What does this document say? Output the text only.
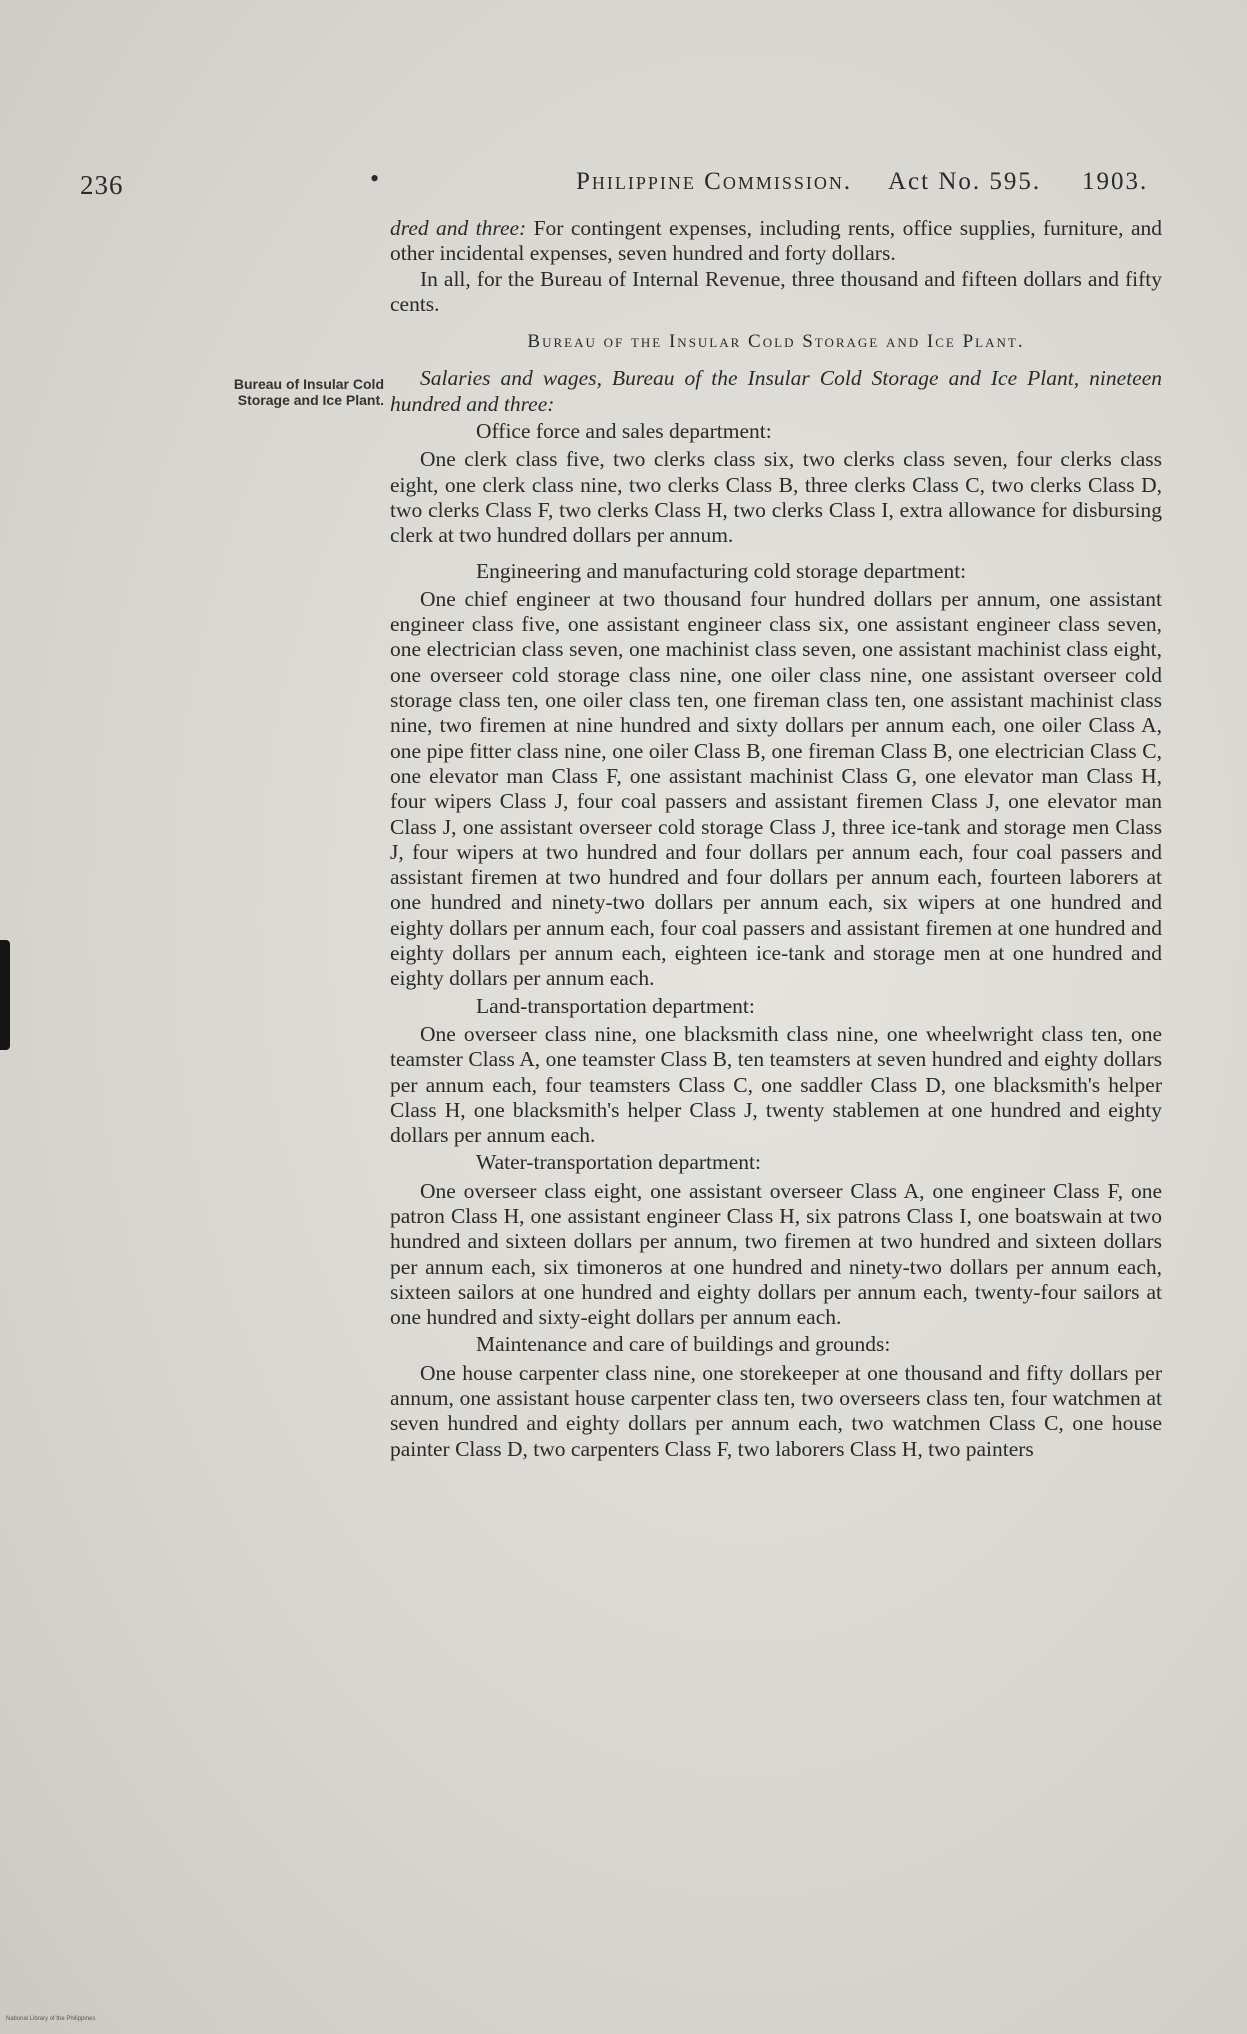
236	•	Philippine Commission. Act No. 595. 1903.
Bureau of Insular Cold Storage and Ice Plant.

dred and three: For contingent expenses, including rents, office supplies, furniture, and other incidental expenses, seven hundred and forty dollars.

In all, for the Bureau of Internal Revenue, three thousand and fifteen dollars and fifty cents.

Bureau of the Insular Cold Storage and Ice Plant.

Salaries and wages, Bureau of the Insular Cold Storage and Ice Plant, nineteen hundred and three:

Office force and sales department:

One clerk class five, two clerks class six, two clerks class seven, four clerks class eight, one clerk class nine, two clerks Class B, three clerks Class C, two clerks Class D, two clerks Class F, two clerks Class H, two clerks Class I, extra allowance for disbursing clerk at two hundred dollars per annum.

Engineering and manufacturing cold storage department:

One chief engineer at two thousand four hundred dollars per annum, one assistant engineer class five, one assistant engineer class six, one assistant engineer class seven, one electrician class seven, one machinist class seven, one assistant machinist class eight, one overseer cold storage class nine, one oiler class nine, one assistant overseer cold storage class ten, one oiler class ten, one fireman class ten, one assistant machinist class nine, two firemen at nine hundred and sixty dollars per annum each, one oiler Class A, one pipe fitter class nine, one oiler Class B, one fireman Class B, one electrician Class C, one elevator man Class F, one assistant machinist Class G, one elevator man Class H, four wipers Class J, four coal passers and assistant firemen Class J, one elevator man Class J, one assistant overseer cold storage Class J, three ice-tank and storage men Class J, four wipers at two hundred and four dollars per annum each, four coal passers and assistant firemen at two hundred and four dollars per annum each, fourteen laborers at one hundred and ninety-two dollars per annum each, six wipers at one hundred and eighty dollars per annum each, four coal passers and assistant firemen at one hundred and eighty dollars per annum each, eighteen ice-tank and storage men at one hundred and eighty dollars per annum each.

Land-transportation department:

One overseer class nine, one blacksmith class nine, one wheelwright class ten, one teamster Class A, one teamster Class B, ten teamsters at seven hundred and eighty dollars per annum each, four teamsters Class C, one saddler Class D, one blacksmith's helper Class H, one blacksmith's helper Class J, twenty stablemen at one hundred and eighty dollars per annum each.

Water-transportation department:

One overseer class eight, one assistant overseer Class A, one engineer Class F, one patron Class H, one assistant engineer Class H, six patrons Class I, one boatswain at two hundred and sixteen dollars per annum, two firemen at two hundred and sixteen dollars per annum each, six timoneros at one hundred and ninety-two dollars per annum each, sixteen sailors at one hundred and eighty dollars per annum each, twenty-four sailors at one hundred and sixty-eight dollars per annum each.

Maintenance and care of buildings and grounds:

One house carpenter class nine, one storekeeper at one thousand and fifty dollars per annum, one assistant house carpenter class ten, two overseers class ten, four watchmen at seven hundred and eighty dollars per annum each, two watchmen Class C, one house painter Class D, two carpenters Class F, two laborers Class H, two painters

National Library of the Philippines
